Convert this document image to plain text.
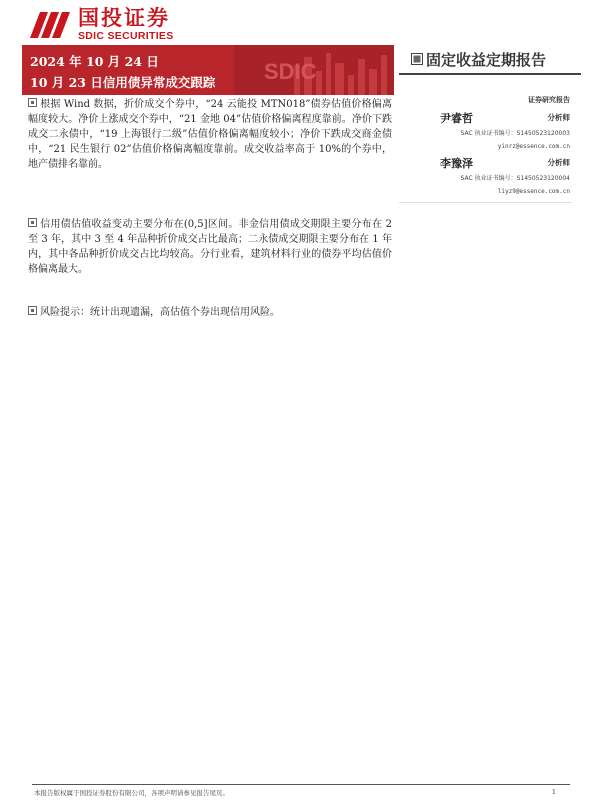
国投证券
SDIC SECURITIES
SDIC
2024 年 10 月 24 日
10 月 23 日信用债异常成交跟踪
固定收益定期报告
证券研究报告
尹睿哲	分析师
SAC 执业证书编号：S1450523120003
yinrz@essence.com.cn
李豫泽	分析师
SAC 执业证书编号：S1450523120004
liyz9@essence.com.cn

根据 Wind 数据，折价成交个券中，“24 云能投 MTN018”债券估值价格偏离幅度较大。净价上涨成交个券中，“21 金地 04”估值价格偏离程度靠前。净价下跌成交二永债中，“19 上海银行二级”估值价格偏离幅度较小；净价下跌成交商金债中，“21 民生银行 02”估值价格偏离幅度靠前。成交收益率高于 10%的个券中，地产债排名靠前。

信用债估值收益变动主要分布在(0,5]区间。非金信用债成交期限主要分布在 2 至 3 年，其中 3 至 4 年品种折价成交占比最高；二永债成交期限主要分布在 1 年内，其中各品种折价成交占比均较高。分行业看，建筑材料行业的债券平均估值价格偏离最大。

风险提示：统计出现遗漏，高估值个券出现信用风险。

本报告版权属于国投证券股份有限公司，各项声明请参见报告尾页。	1
